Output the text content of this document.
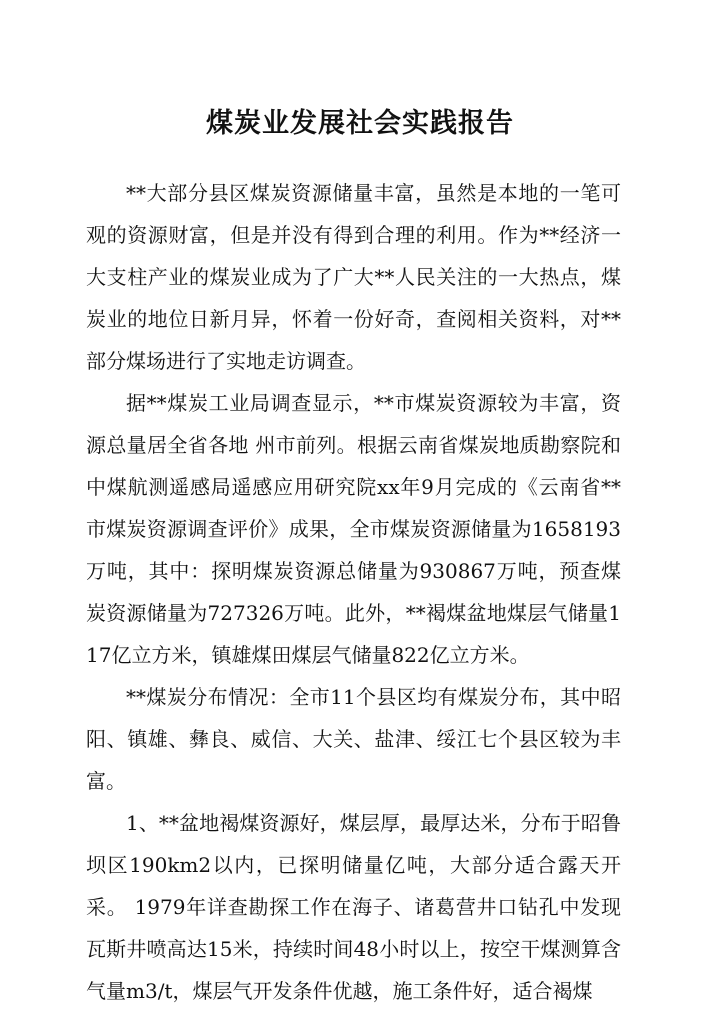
煤炭业发展社会实践报告

**大部分县区煤炭资源储量丰富，虽然是本地的一笔可观的资源财富，但是并没有得到合理的利用。作为**经济一大支柱产业的煤炭业成为了广大**人民关注的一大热点，煤炭业的地位日新月异，怀着一份好奇，查阅相关资料，对**部分煤场进行了实地走访调查。

据**煤炭工业局调查显示，**市煤炭资源较为丰富，资源总量居全省各地 州市前列。根据云南省煤炭地质勘察院和中煤航测遥感局遥感应用研究院xx年9月完成的《云南省**市煤炭资源调查评价》成果，全市煤炭资源储量为1658193万吨，其中：探明煤炭资源总储量为930867万吨，预查煤炭资源储量为727326万吨。此外，**褐煤盆地煤层气储量117亿立方米，镇雄煤田煤层气储量822亿立方米。

**煤炭分布情况：全市11个县区均有煤炭分布，其中昭阳、镇雄、彝良、威信、大关、盐津、绥江七个县区较为丰富。

1、**盆地褐煤资源好，煤层厚，最厚达米，分布于昭鲁坝区190km2以内，已探明储量亿吨，大部分适合露天开采。 1979年详查勘探工作在海子、诸葛营井口钻孔中发现瓦斯井喷高达15米，持续时间48小时以上，按空干煤测算含气量m3/t，煤层气开发条件优越，施工条件好，适合褐煤
